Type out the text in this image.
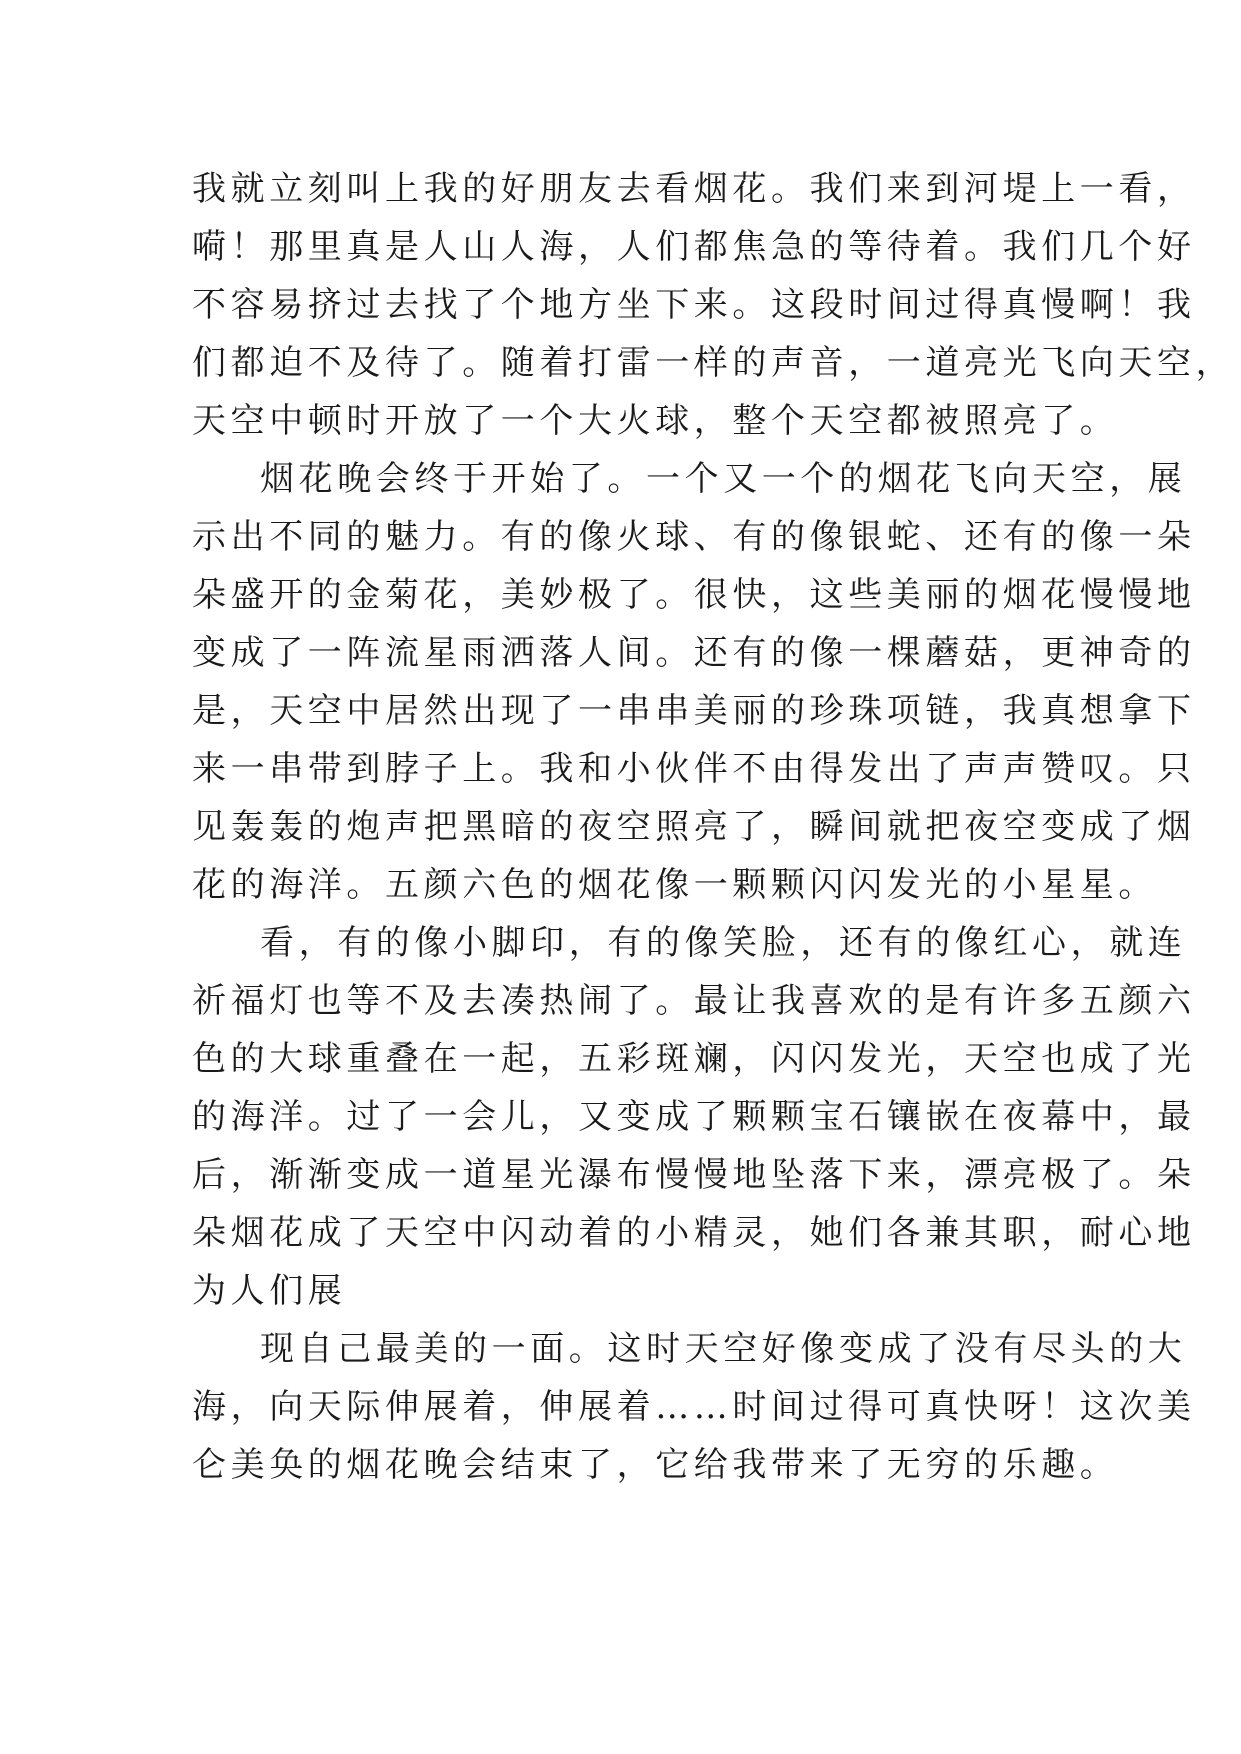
我就立刻叫上我的好朋友去看烟花。我们来到河堤上一看，
嗬！那里真是人山人海，人们都焦急的等待着。我们几个好
不容易挤过去找了个地方坐下来。这段时间过得真慢啊！我
们都迫不及待了。随着打雷一样的声音，一道亮光飞向天空，
天空中顿时开放了一个大火球，整个天空都被照亮了。
烟花晚会终于开始了。一个又一个的烟花飞向天空，展
示出不同的魅力。有的像火球、有的像银蛇、还有的像一朵
朵盛开的金菊花，美妙极了。很快，这些美丽的烟花慢慢地
变成了一阵流星雨洒落人间。还有的像一棵蘑菇，更神奇的
是，天空中居然出现了一串串美丽的珍珠项链，我真想拿下
来一串带到脖子上。我和小伙伴不由得发出了声声赞叹。只
见轰轰的炮声把黑暗的夜空照亮了，瞬间就把夜空变成了烟
花的海洋。五颜六色的烟花像一颗颗闪闪发光的小星星。
看，有的像小脚印，有的像笑脸，还有的像红心，就连
祈福灯也等不及去凑热闹了。最让我喜欢的是有许多五颜六
色的大球重叠在一起，五彩斑斓，闪闪发光，天空也成了光
的海洋。过了一会儿，又变成了颗颗宝石镶嵌在夜幕中，最
后，渐渐变成一道星光瀑布慢慢地坠落下来，漂亮极了。朵
朵烟花成了天空中闪动着的小精灵，她们各兼其职，耐心地
为人们展
现自己最美的一面。这时天空好像变成了没有尽头的大
海，向天际伸展着，伸展着……时间过得可真快呀！这次美
仑美奂的烟花晚会结束了，它给我带来了无穷的乐趣。
